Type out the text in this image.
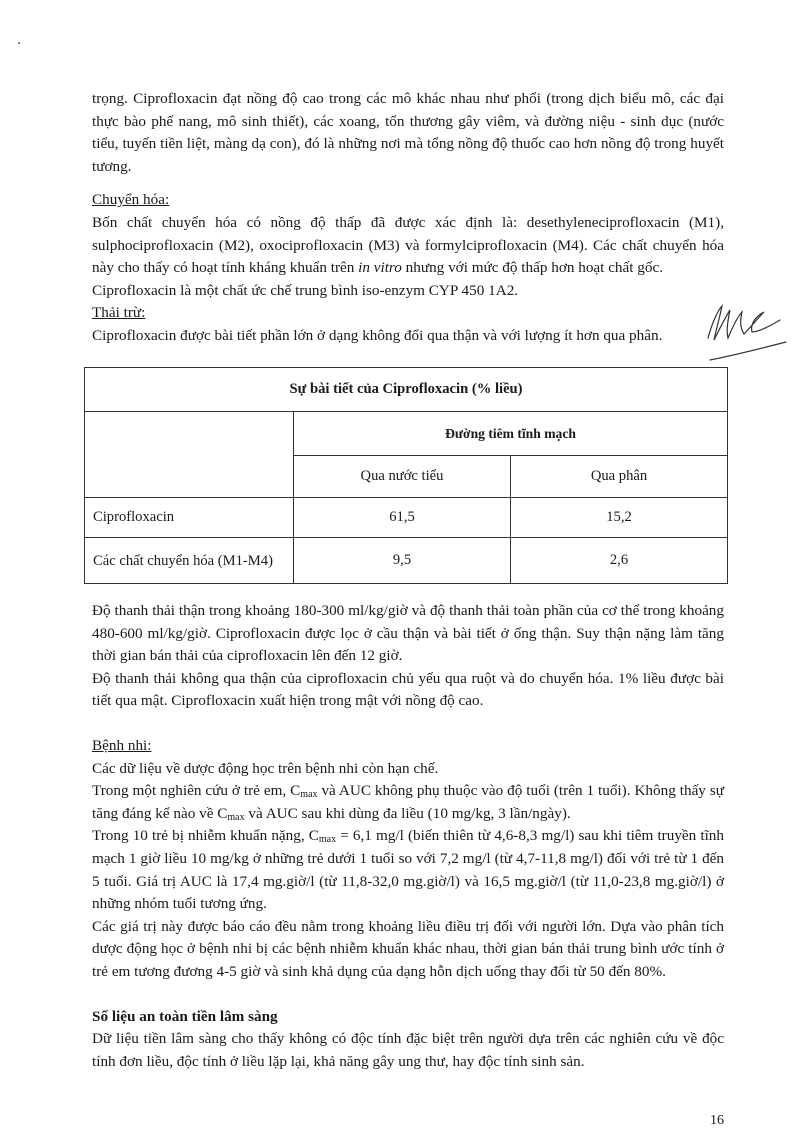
trọng. Ciprofloxacin đạt nồng độ cao trong các mô khác nhau như phổi (trong dịch biểu mô, các đại thực bào phế nang, mô sinh thiết), các xoang, tổn thương gây viêm, và đường niệu - sinh dục (nước tiểu, tuyến tiền liệt, màng dạ con), đó là những nơi mà tổng nồng độ thuốc cao hơn nồng độ trong huyết tương.

Chuyển hóa:

Bốn chất chuyển hóa có nồng độ thấp đã được xác định là: desethyleneciprofloxacin (M1), sulphociprofloxacin (M2), oxociprofloxacin (M3) và formylciprofloxacin (M4). Các chất chuyển hóa này cho thấy có hoạt tính kháng khuẩn trên in vitro nhưng với mức độ thấp hơn hoạt chất gốc.

Ciprofloxacin là một chất ức chế trung bình iso-enzym CYP 450 1A2.

Thải trừ:

Ciprofloxacin được bài tiết phần lớn ở dạng không đổi qua thận và với lượng ít hơn qua phân.

Sự bài tiết của Ciprofloxacin (% liều)		
	Đường tiêm tĩnh mạch	
	Qua nước tiểu	Qua phân
Ciprofloxacin	61,5	15,2
Các chất chuyển hóa (M1-M4)	9,5	2,6

Độ thanh thải thận trong khoảng 180-300 ml/kg/giờ và độ thanh thải toàn phần của cơ thể trong khoảng 480-600 ml/kg/giờ. Ciprofloxacin được lọc ở cầu thận và bài tiết ở ống thận. Suy thận nặng làm tăng thời gian bán thải của ciprofloxacin lên đến 12 giờ.

Độ thanh thải không qua thận của ciprofloxacin chủ yếu qua ruột và do chuyển hóa. 1% liều được bài tiết qua mật. Ciprofloxacin xuất hiện trong mật với nồng độ cao.

Bệnh nhi:

Các dữ liệu về dược động học trên bệnh nhi còn hạn chế.

Trong một nghiên cứu ở trẻ em, $C_{max}$ và AUC không phụ thuộc vào độ tuổi (trên 1 tuổi). Không thấy sự tăng đáng kể nào về $C_{max}$ và AUC sau khi dùng đa liều (10 mg/kg, 3 lần/ngày).

Trong 10 trẻ bị nhiễm khuẩn nặng, $C_{max} = 6,1$ mg/l (biến thiên từ 4,6-8,3 mg/l) sau khi tiêm truyền tĩnh mạch 1 giờ liều 10 mg/kg ở những trẻ dưới 1 tuổi so với 7,2 mg/l (từ 4,7-11,8 mg/l) đối với trẻ từ 1 đến 5 tuổi. Giá trị AUC là 17,4 mg.giờ/l (từ 11,8-32,0 mg.giờ/l) và 16,5 mg.giờ/l (từ 11,0-23,8 mg.giờ/l) ở những nhóm tuổi tương ứng.

Các giá trị này được báo cáo đều nằm trong khoảng liều điều trị đối với người lớn. Dựa vào phân tích dược động học ở bệnh nhi bị các bệnh nhiễm khuẩn khác nhau, thời gian bán thải trung bình ước tính ở trẻ em tương đương 4-5 giờ và sinh khả dụng của dạng hỗn dịch uống thay đổi từ 50 đến 80%.

Số liệu an toàn tiền lâm sàng

Dữ liệu tiền lâm sàng cho thấy không có độc tính đặc biệt trên người dựa trên các nghiên cứu về độc tính đơn liều, độc tính ở liều lặp lại, khả năng gây ung thư, hay độc tính sinh sản.

16
